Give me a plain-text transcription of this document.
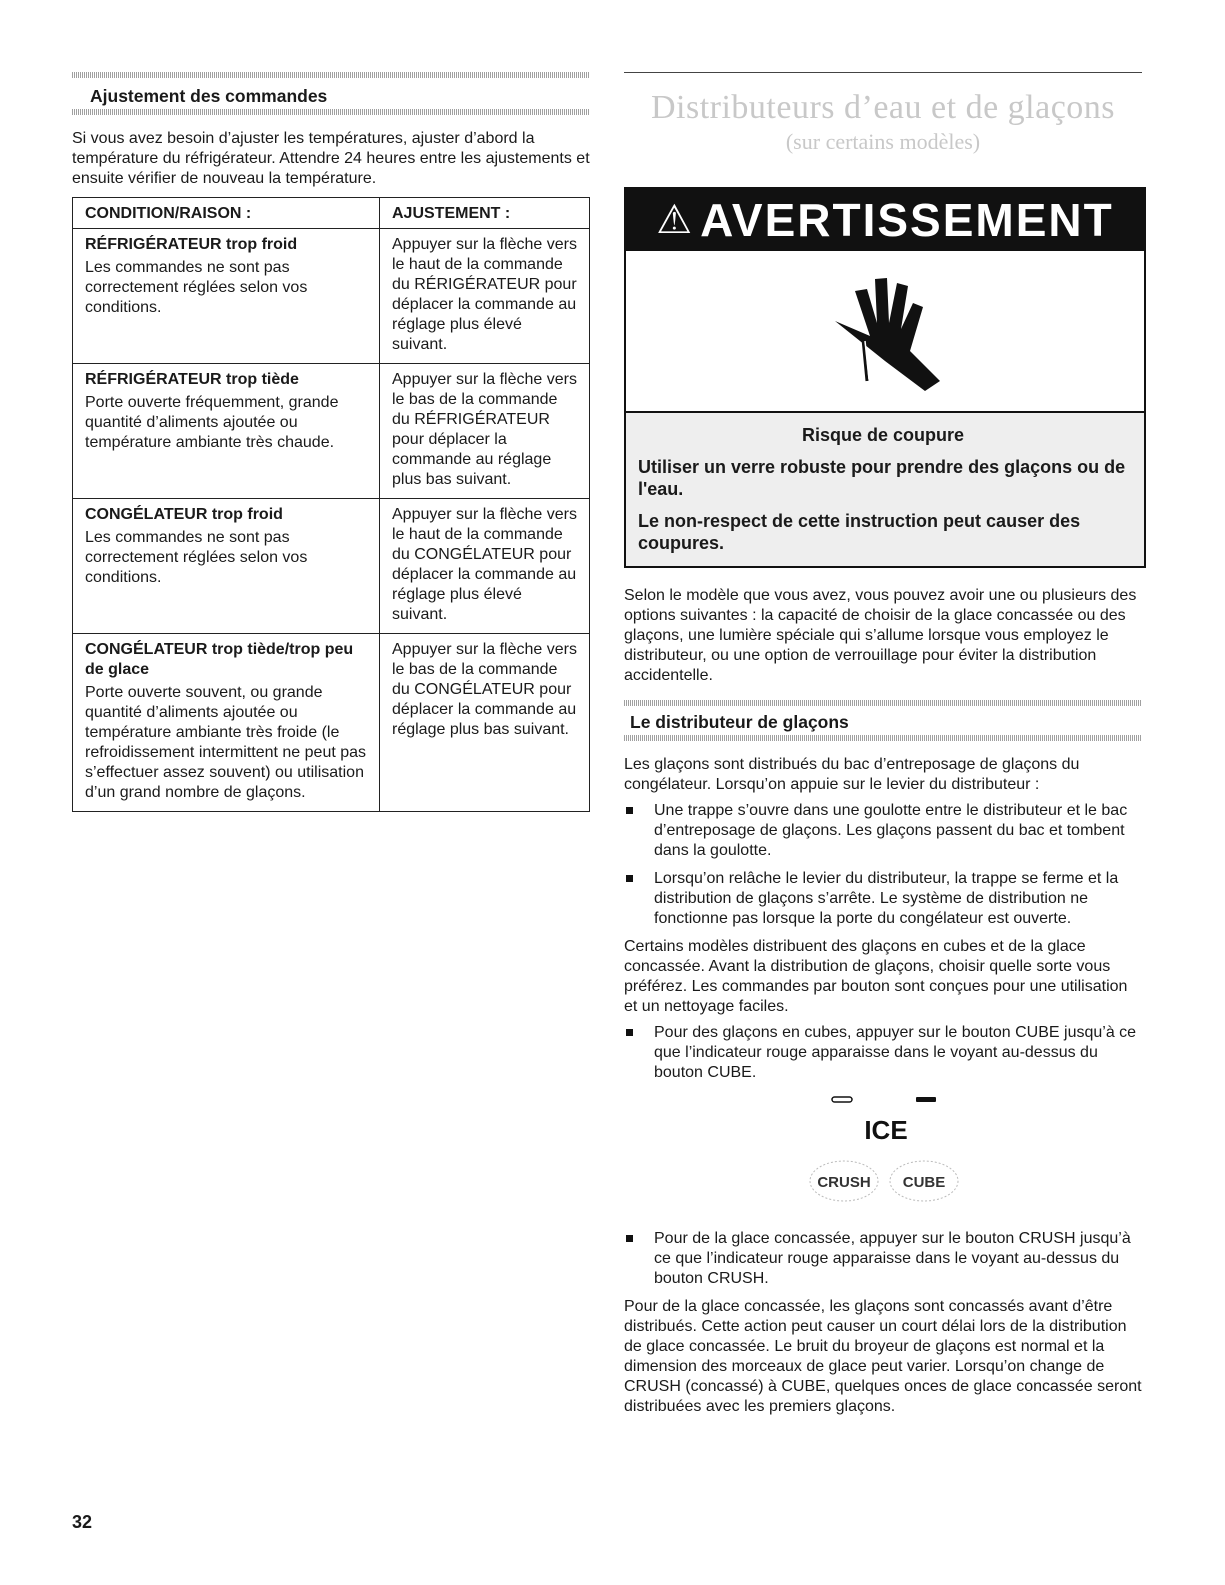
Ajustement des commandes

Si vous avez besoin d’ajuster les températures, ajuster d’abord la température du réfrigérateur. Attendre 24 heures entre les ajustements et ensuite vérifier de nouveau la température.

CONDITION/RAISON :	AJUSTEMENT :

RÉFRIGÉRATEUR trop froid
Les commandes ne sont pas correctement réglées selon vos conditions.	Appuyer sur la flèche vers le haut de la commande du RÉRIGÉRATEUR pour déplacer la commande au réglage plus élevé suivant.

RÉFRIGÉRATEUR trop tiède
Porte ouverte fréquemment, grande quantité d’aliments ajoutée ou température ambiante très chaude.	Appuyer sur la flèche vers le bas de la commande du RÉFRIGÉRATEUR pour déplacer la commande au réglage plus bas suivant.

CONGÉLATEUR trop froid
Les commandes ne sont pas correctement réglées selon vos conditions.	Appuyer sur la flèche vers le haut de la commande du CONGÉLATEUR pour déplacer la commande au réglage plus élevé suivant.

CONGÉLATEUR trop tiède/trop peu de glace
Porte ouverte souvent, ou grande quantité d’aliments ajoutée ou température ambiante très froide (le refroidissement intermittent ne peut pas s’effectuer assez souvent) ou utilisation d’un grand nombre de glaçons.	Appuyer sur la flèche vers le bas de la commande du CONGÉLATEUR pour déplacer la commande au réglage plus bas suivant.
Distributeurs d’eau et de glaçons
(sur certains modèles)
⚠ AVERTISSEMENT
Risque de coupure
Utiliser un verre robuste pour prendre des glaçons ou de l'eau.
Le non-respect de cette instruction peut causer des coupures.

Selon le modèle que vous avez, vous pouvez avoir une ou plusieurs des options suivantes : la capacité de choisir de la glace concassée ou des glaçons, une lumière spéciale qui s’allume lorsque vous employez le distributeur, ou une option de verrouillage pour éviter la distribution accidentelle.

Le distributeur de glaçons

Les glaçons sont distribués du bac d’entreposage de glaçons du congélateur. Lorsqu’on appuie sur le levier du distributeur :

Une trappe s’ouvre dans une goulotte entre le distributeur et le bac d’entreposage de glaçons. Les glaçons passent du bac et tombent dans la goulotte.
Lorsqu’on relâche le levier du distributeur, la trappe se ferme et la distribution de glaçons s’arrête. Le système de distribution ne fonctionne pas lorsque la porte du congélateur est ouverte.

Certains modèles distribuent des glaçons en cubes et de la glace concassée. Avant la distribution de glaçons, choisir quelle sorte vous préférez. Les commandes par bouton sont conçues pour une utilisation et un nettoyage faciles.

Pour des glaçons en cubes, appuyer sur le bouton CUBE jusqu’à ce que l’indicateur rouge apparaisse dans le voyant au-dessus du bouton CUBE.
ICE
CRUSH CUBE
Pour de la glace concassée, appuyer sur le bouton CRUSH jusqu’à ce que l’indicateur rouge apparaisse dans le voyant au-dessus du bouton CRUSH.

Pour de la glace concassée, les glaçons sont concassés avant d’être distribués. Cette action peut causer un court délai lors de la distribution de glace concassée. Le bruit du broyeur de glaçons est normal et la dimension des morceaux de glace peut varier. Lorsqu’on change de CRUSH (concassé) à CUBE, quelques onces de glace concassée seront distribuées avec les premiers glaçons.

32
